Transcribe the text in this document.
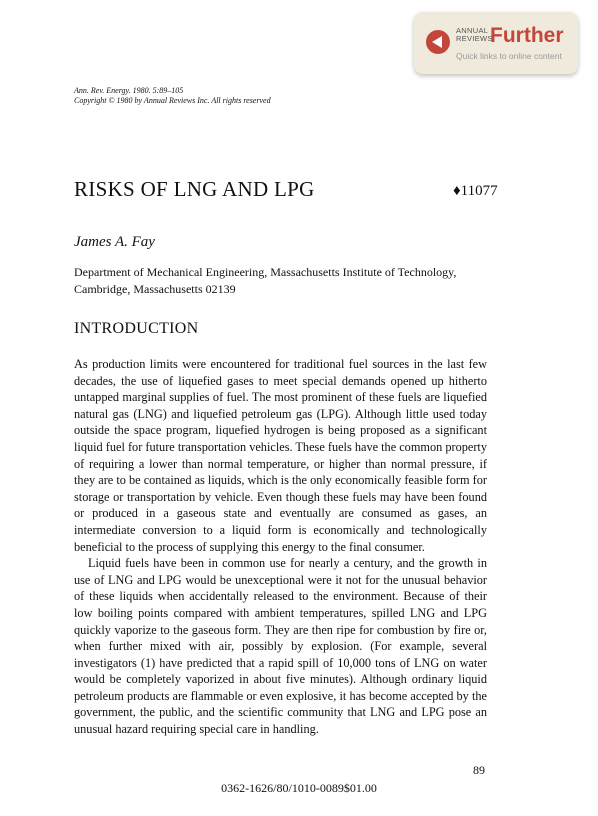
ANNUAL
REVIEWS
Further
Quick links to online content
Ann. Rev. Energy. 1980. 5:89–105
Copyright © 1980 by Annual Reviews Inc. All rights reserved
RISKS OF LNG AND LPG	♦11077
James A. Fay
Department of Mechanical Engineering, Massachusetts Institute of Technology,
Cambridge, Massachusetts 02139
INTRODUCTION

As production limits were encountered for traditional fuel sources in the last few decades, the use of liquefied gases to meet special demands opened up hitherto untapped marginal supplies of fuel. The most prominent of these fuels are liquefied natural gas (LNG) and liquefied petroleum gas (LPG). Although little used today outside the space program, liquefied hydrogen is being proposed as a significant liquid fuel for future transportation vehicles. These fuels have the common property of requiring a lower than normal temperature, or higher than normal pressure, if they are to be contained as liquids, which is the only economically feasible form for storage or transportation by vehicle. Even though these fuels may have been found or produced in a gaseous state and eventually are consumed as gases, an intermediate conversion to a liquid form is economically and technologically beneficial to the process of supplying this energy to the final consumer.

Liquid fuels have been in common use for nearly a century, and the growth in use of LNG and LPG would be unexceptional were it not for the unusual behavior of these liquids when accidentally released to the environment. Because of their low boiling points compared with ambient temperatures, spilled LNG and LPG quickly vaporize to the gaseous form. They are then ripe for combustion by fire or, when further mixed with air, possibly by explosion. (For example, several investigators (1) have predicted that a rapid spill of 10,000 tons of LNG on water would be completely vaporized in about five minutes). Although ordinary liquid petroleum products are flammable or even explosive, it has become accepted by the government, the public, and the scientific community that LNG and LPG pose an unusual hazard requiring special care in handling.

89
0362-1626/80/1010-0089$01.00
